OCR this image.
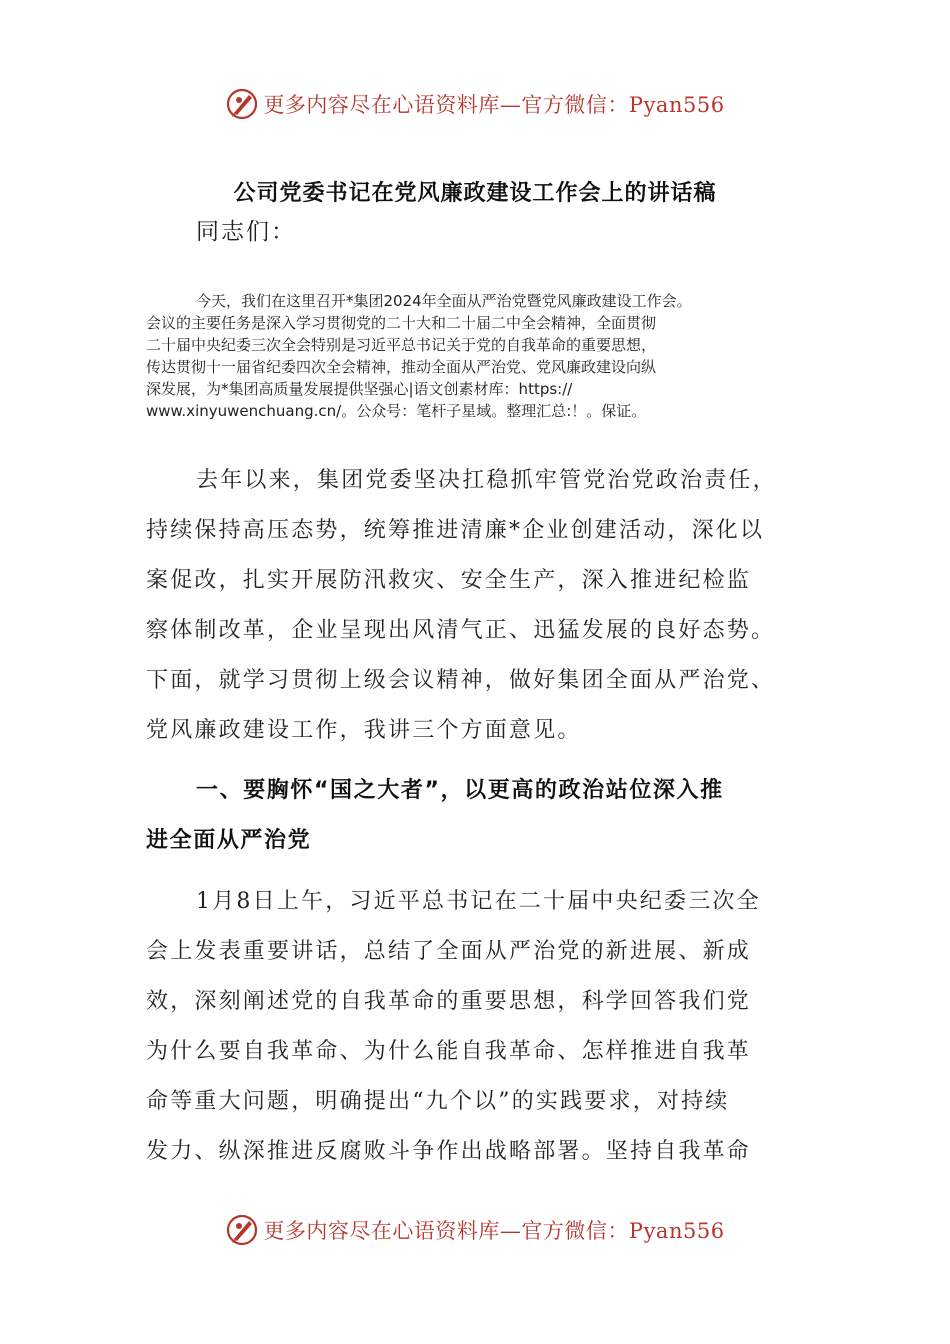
更多内容尽在心语资料库—官方微信：Pyan556
公司党委书记在党风廉政建设工作会上的讲话稿
同志们：
今天，我们在这里召开*集团2024年全面从严治党暨党风廉政建设工作会。
会议的主要任务是深入学习贯彻党的二十大和二十届二中全会精神，全面贯彻
二十届中央纪委三次全会特别是习近平总书记关于党的自我革命的重要思想，
传达贯彻十一届省纪委四次全会精神，推动全面从严治党、党风廉政建设向纵
深发展，为*集团高质量发展提供坚强心|语文创素材库：https://
www.xinyuwenchuang.cn/。公众号：笔杆子星域。整理汇总:！。保证。
去年以来，集团党委坚决扛稳抓牢管党治党政治责任，
持续保持高压态势，统筹推进清廉*企业创建活动，深化以
案促改，扎实开展防汛救灾、安全生产，深入推进纪检监
察体制改革，企业呈现出风清气正、迅猛发展的良好态势。
下面，就学习贯彻上级会议精神，做好集团全面从严治党、
党风廉政建设工作，我讲三个方面意见。
一、要胸怀“国之大者”，以更高的政治站位深入推
进全面从严治党
1月8日上午，习近平总书记在二十届中央纪委三次全
会上发表重要讲话，总结了全面从严治党的新进展、新成
效，深刻阐述党的自我革命的重要思想，科学回答我们党
为什么要自我革命、为什么能自我革命、怎样推进自我革
命等重大问题，明确提出“九个以”的实践要求，对持续
发力、纵深推进反腐败斗争作出战略部署。坚持自我革命
更多内容尽在心语资料库—官方微信：Pyan556
